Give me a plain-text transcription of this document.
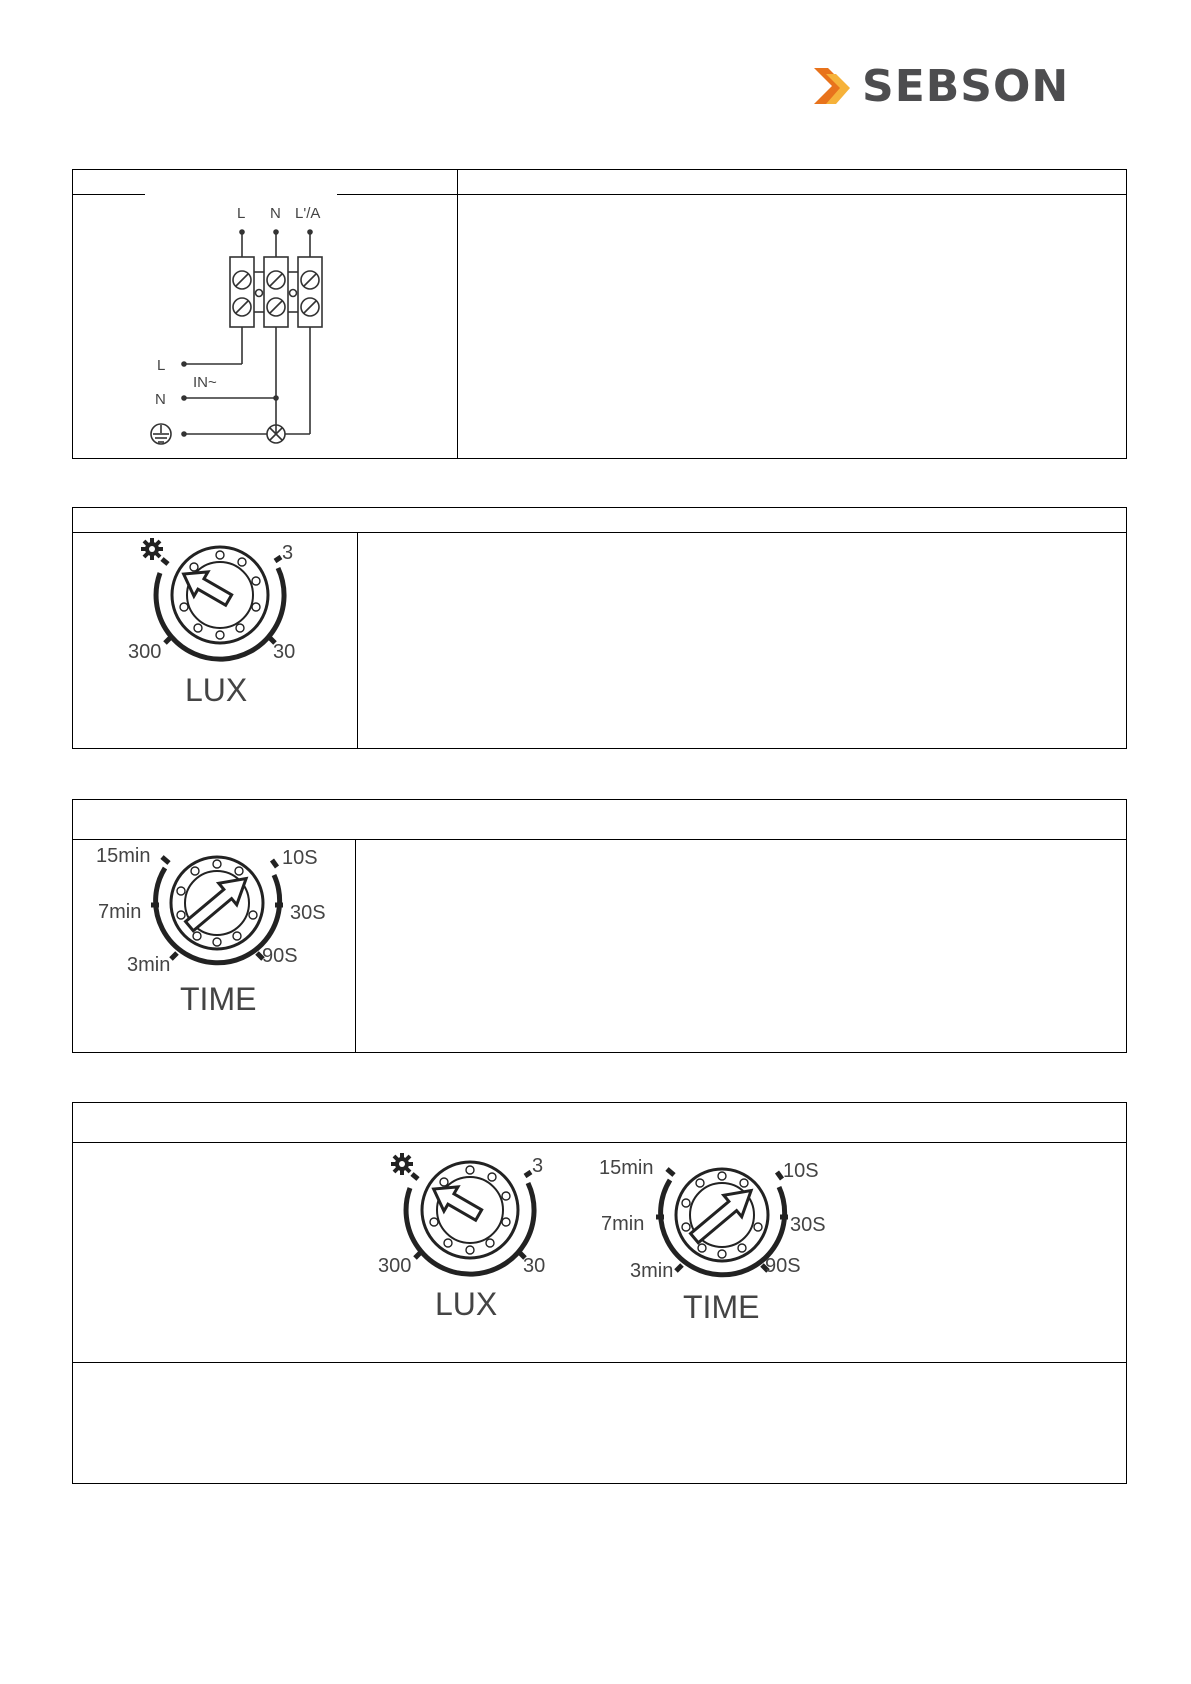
SEBSON
L N L'/A
L
N
IN~
3
30
300
LUX
15min	10S
7min	30S
3min	90S
TIME
3
30
300
LUX
15min	10S
7min	30S
3min	90S
TIME
